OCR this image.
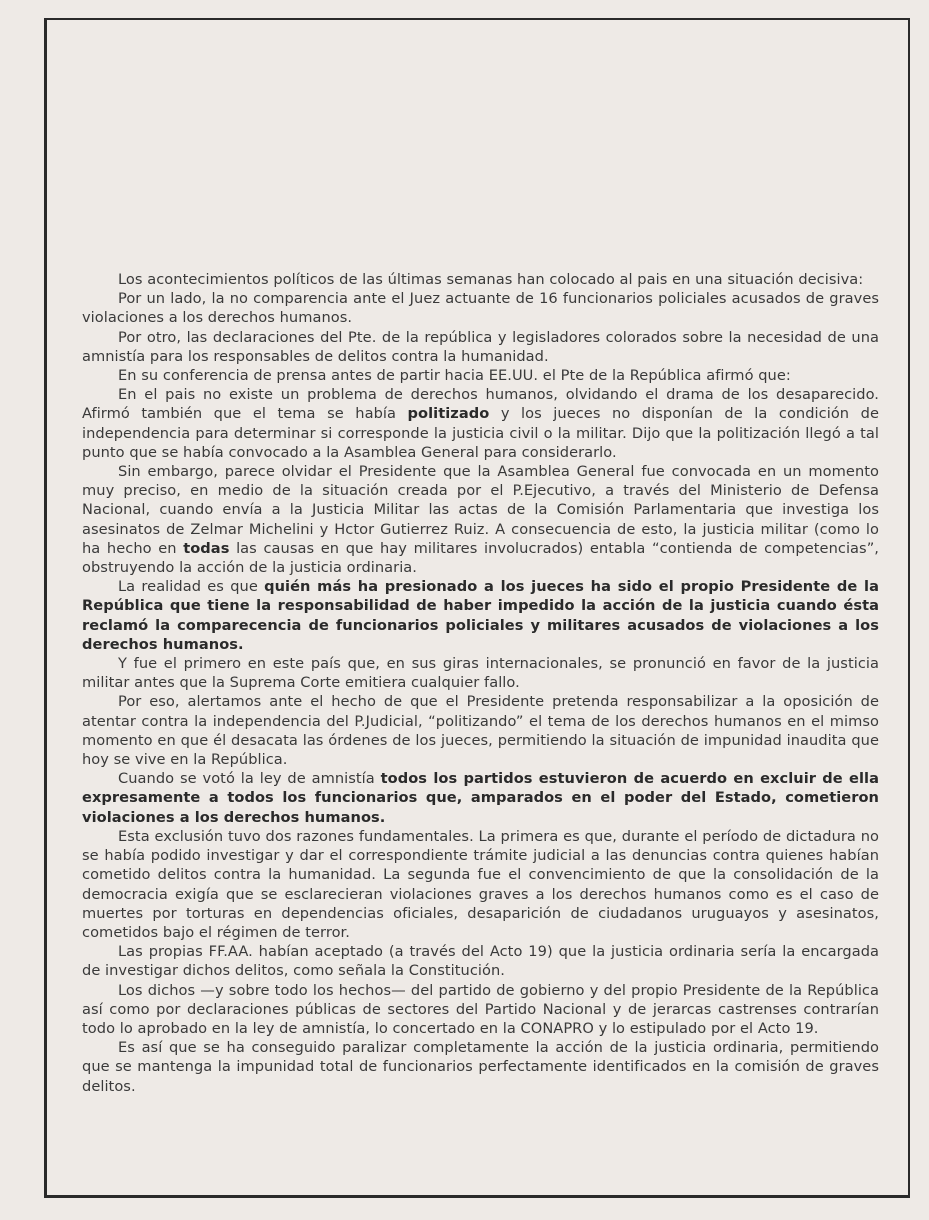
Los acontecimientos políticos de las últimas semanas han colocado al pais en una situación decisiva:

Por un lado, la no comparencia ante el Juez actuante de 16 funcionarios policiales acusados de graves violaciones a los derechos humanos.

Por otro, las declaraciones del Pte. de la república y legisladores colorados sobre la necesidad de una amnistía para los responsables de delitos contra la humanidad.

En su conferencia de prensa antes de partir hacia EE.UU. el Pte de la República afirmó que:

En el pais no existe un problema de derechos humanos, olvidando el drama de los desaparecido. Afirmó también que el tema se había politizado y los jueces no disponían de la condición de independencia para determinar si corresponde la justicia civil o la militar. Dijo que la politización llegó a tal punto que se había convocado a la Asamblea General para considerarlo.

Sin embargo, parece olvidar el Presidente que la Asamblea General fue convocada en un momento muy preciso, en medio de la situación creada por el P.Ejecutivo, a través del Ministerio de Defensa Nacional, cuando envía a la Justicia Militar las actas de la Comisión Parlamentaria que investiga los asesinatos de Zelmar Michelini y Hctor Gutierrez Ruiz. A consecuencia de esto, la justicia militar (como lo ha hecho en todas las causas en que hay militares involucrados) entabla “contienda de competencias”, obstruyendo la acción de la justicia ordinaria.

La realidad es que quién más ha presionado a los jueces ha sido el propio Presidente de la República que tiene la responsabilidad de haber impedido la acción de la justicia cuando ésta reclamó la comparecencia de funcionarios policiales y militares acusados de violaciones a los derechos humanos.

Y fue el primero en este país que, en sus giras internacionales, se pronunció en favor de la justicia militar antes que la Suprema Corte emitiera cualquier fallo.

Por eso, alertamos ante el hecho de que el Presidente pretenda responsabilizar a la oposición de atentar contra la independencia del P.Judicial, “politizando” el tema de los derechos humanos en el mimso momento en que él desacata las órdenes de los jueces, permitiendo la situación de impunidad inaudita que hoy se vive en la República.

Cuando se votó la ley de amnistía todos los partidos estuvieron de acuerdo en excluir de ella expresamente a todos los funcionarios que, amparados en el poder del Estado, cometieron violaciones a los derechos humanos.

Esta exclusión tuvo dos razones fundamentales. La primera es que, durante el período de dictadura no se había podido investigar y dar el correspondiente trámite judicial a las denuncias contra quienes habían cometido delitos contra la humanidad. La segunda fue el convencimiento de que la consolidación de la democracia exigía que se esclarecieran violaciones graves a los derechos humanos como es el caso de muertes por torturas en dependencias oficiales, desaparición de ciudadanos uruguayos y asesinatos, cometidos bajo el régimen de terror.

Las propias FF.AA. habían aceptado (a través del Acto 19) que la justicia ordinaria sería la encargada de investigar dichos delitos, como señala la Constitución.

Los dichos —y sobre todo los hechos— del partido de gobierno y del propio Presidente de la República así como por declaraciones públicas de sectores del Partido Nacional y de jerarcas castrenses contrarían todo lo aprobado en la ley de amnistía, lo concertado en la CONAPRO y lo estipulado por el Acto 19.

Es así que se ha conseguido paralizar completamente la acción de la justicia ordinaria, permitiendo que se mantenga la impunidad total de funcionarios perfectamente identificados en la comisión de graves delitos.
